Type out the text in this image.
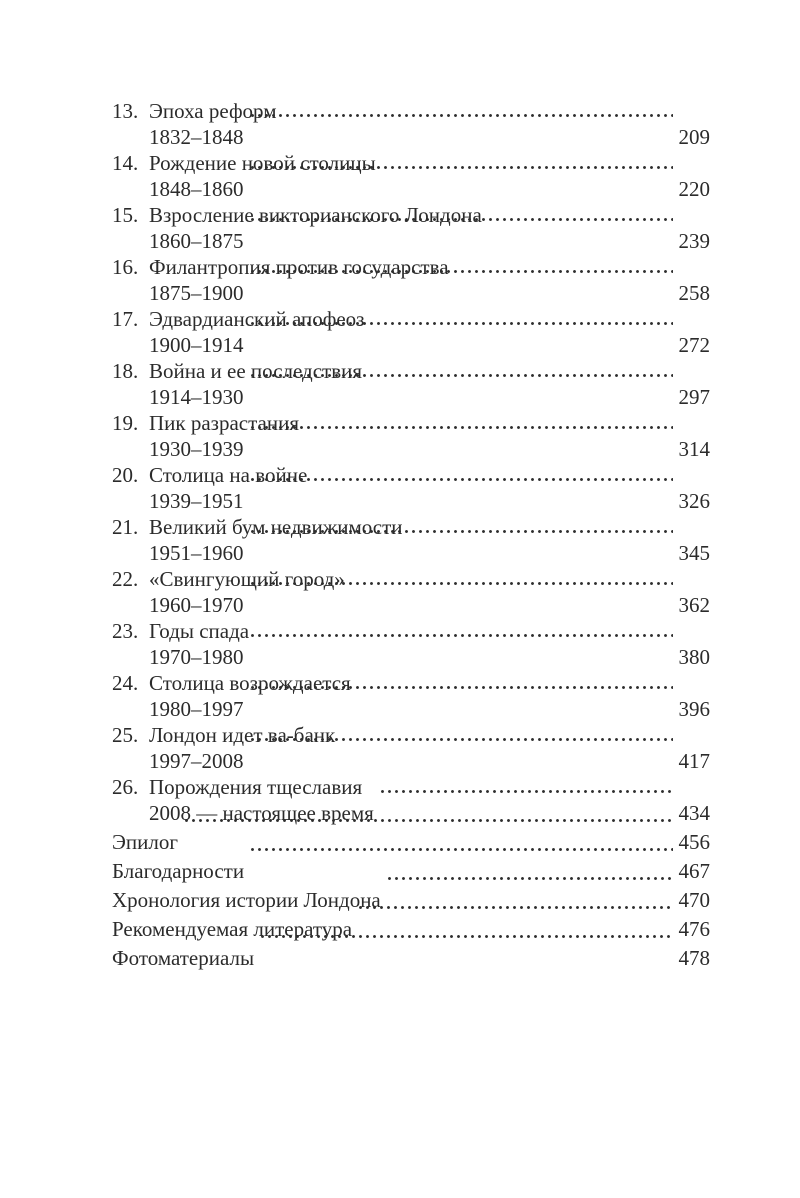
13. Эпоха реформ
1832–1848	209
14. Рождение новой столицы
1848–1860	220
15. Взросление викторианского Лондона
1860–1875	239
16. Филантропия против государства
1875–1900	258
17. Эдвардианский апофеоз
1900–1914	272
18. Война и ее последствия
1914–1930	297
19. Пик разрастания
1930–1939	314
20. Столица на войне
1939–1951	326
21. Великий бум недвижимости
1951–1960	345
22. «Свингующий город»
1960–1970	362
23. Годы спада
1970–1980	380
24. Столица возрождается
1980–1997	396
25. Лондон идет ва-банк
1997–2008	417
26. Порождения тщеславия
2008 — настоящее время	434
Эпилог	456
Благодарности	467
Хронология истории Лондона	470
Рекомендуемая литература	476
Фотоматериалы	478
